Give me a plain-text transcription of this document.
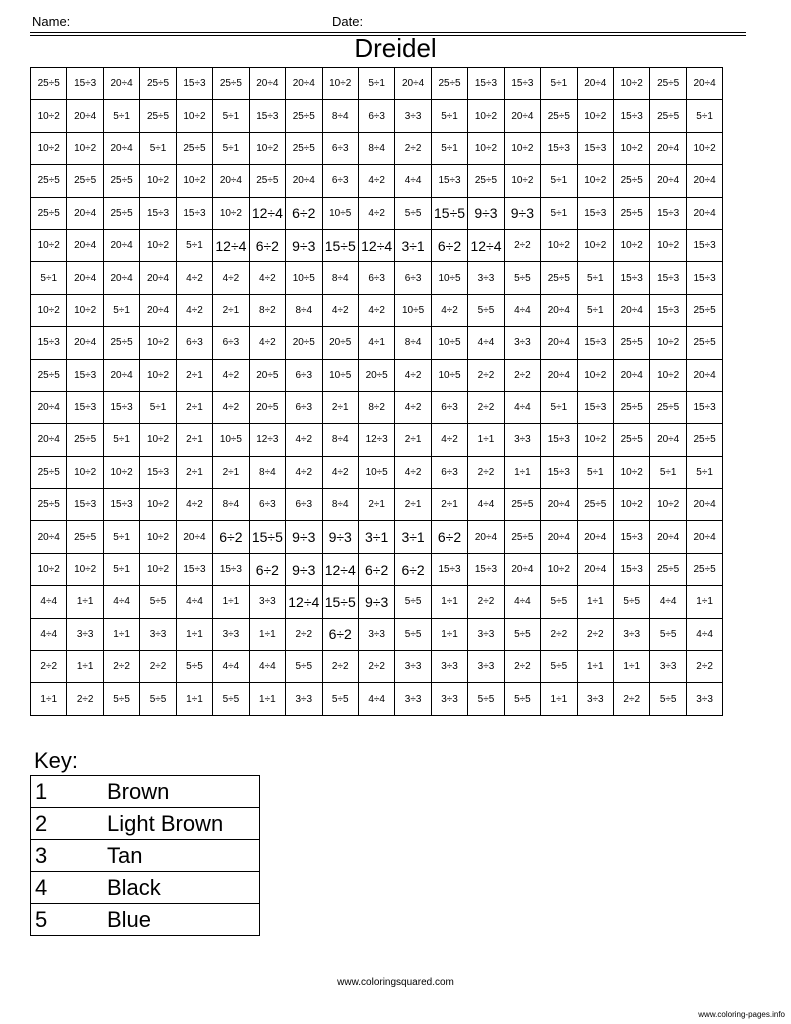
Name:	Date:
Dreidel
25÷5	15÷3	20÷4	25÷5	15÷3	25÷5	20÷4	20÷4	10÷2	5÷1	20÷4	25÷5	15÷3	15÷3	5÷1	20÷4	10÷2	25÷5	20÷4
10÷2	20÷4	5÷1	25÷5	10÷2	5÷1	15÷3	25÷5	8÷4	6÷3	3÷3	5÷1	10÷2	20÷4	25÷5	10÷2	15÷3	25÷5	5÷1
10÷2	10÷2	20÷4	5÷1	25÷5	5÷1	10÷2	25÷5	6÷3	8÷4	2÷2	5÷1	10÷2	10÷2	15÷3	15÷3	10÷2	20÷4	10÷2
25÷5	25÷5	25÷5	10÷2	10÷2	20÷4	25÷5	20÷4	6÷3	4÷2	4÷4	15÷3	25÷5	10÷2	5÷1	10÷2	25÷5	20÷4	20÷4
25÷5	20÷4	25÷5	15÷3	15÷3	10÷2	12÷4	6÷2	10÷5	4÷2	5÷5	15÷5	9÷3	9÷3	5÷1	15÷3	25÷5	15÷3	20÷4
10÷2	20÷4	20÷4	10÷2	5÷1	12÷4	6÷2	9÷3	15÷5	12÷4	3÷1	6÷2	12÷4	2÷2	10÷2	10÷2	10÷2	10÷2	15÷3
5÷1	20÷4	20÷4	20÷4	4÷2	4÷2	4÷2	10÷5	8÷4	6÷3	6÷3	10÷5	3÷3	5÷5	25÷5	5÷1	15÷3	15÷3	15÷3
10÷2	10÷2	5÷1	20÷4	4÷2	2÷1	8÷2	8÷4	4÷2	4÷2	10÷5	4÷2	5÷5	4÷4	20÷4	5÷1	20÷4	15÷3	25÷5
15÷3	20÷4	25÷5	10÷2	6÷3	6÷3	4÷2	20÷5	20÷5	4÷1	8÷4	10÷5	4÷4	3÷3	20÷4	15÷3	25÷5	10÷2	25÷5
25÷5	15÷3	20÷4	10÷2	2÷1	4÷2	20÷5	6÷3	10÷5	20÷5	4÷2	10÷5	2÷2	2÷2	20÷4	10÷2	20÷4	10÷2	20÷4
20÷4	15÷3	15÷3	5÷1	2÷1	4÷2	20÷5	6÷3	2÷1	8÷2	4÷2	6÷3	2÷2	4÷4	5÷1	15÷3	25÷5	25÷5	15÷3
20÷4	25÷5	5÷1	10÷2	2÷1	10÷5	12÷3	4÷2	8÷4	12÷3	2÷1	4÷2	1÷1	3÷3	15÷3	10÷2	25÷5	20÷4	25÷5
25÷5	10÷2	10÷2	15÷3	2÷1	2÷1	8÷4	4÷2	4÷2	10÷5	4÷2	6÷3	2÷2	1÷1	15÷3	5÷1	10÷2	5÷1	5÷1
25÷5	15÷3	15÷3	10÷2	4÷2	8÷4	6÷3	6÷3	8÷4	2÷1	2÷1	2÷1	4÷4	25÷5	20÷4	25÷5	10÷2	10÷2	20÷4
20÷4	25÷5	5÷1	10÷2	20÷4	6÷2	15÷5	9÷3	9÷3	3÷1	3÷1	6÷2	20÷4	25÷5	20÷4	20÷4	15÷3	20÷4	20÷4
10÷2	10÷2	5÷1	10÷2	15÷3	15÷3	6÷2	9÷3	12÷4	6÷2	6÷2	15÷3	15÷3	20÷4	10÷2	20÷4	15÷3	25÷5	25÷5
4÷4	1÷1	4÷4	5÷5	4÷4	1÷1	3÷3	12÷4	15÷5	9÷3	5÷5	1÷1	2÷2	4÷4	5÷5	1÷1	5÷5	4÷4	1÷1
4÷4	3÷3	1÷1	3÷3	1÷1	3÷3	1÷1	2÷2	6÷2	3÷3	5÷5	1÷1	3÷3	5÷5	2÷2	2÷2	3÷3	5÷5	4÷4
2÷2	1÷1	2÷2	2÷2	5÷5	4÷4	4÷4	5÷5	2÷2	2÷2	3÷3	3÷3	3÷3	2÷2	5÷5	1÷1	1÷1	3÷3	2÷2
1÷1	2÷2	5÷5	5÷5	1÷1	5÷5	1÷1	3÷3	5÷5	4÷4	3÷3	3÷3	5÷5	5÷5	1÷1	3÷3	2÷2	5÷5	3÷3
Key:
1	Brown
2	Light Brown
3	Tan
4	Black
5	Blue
www.coloringsquared.com
www.coloring-pages.info
